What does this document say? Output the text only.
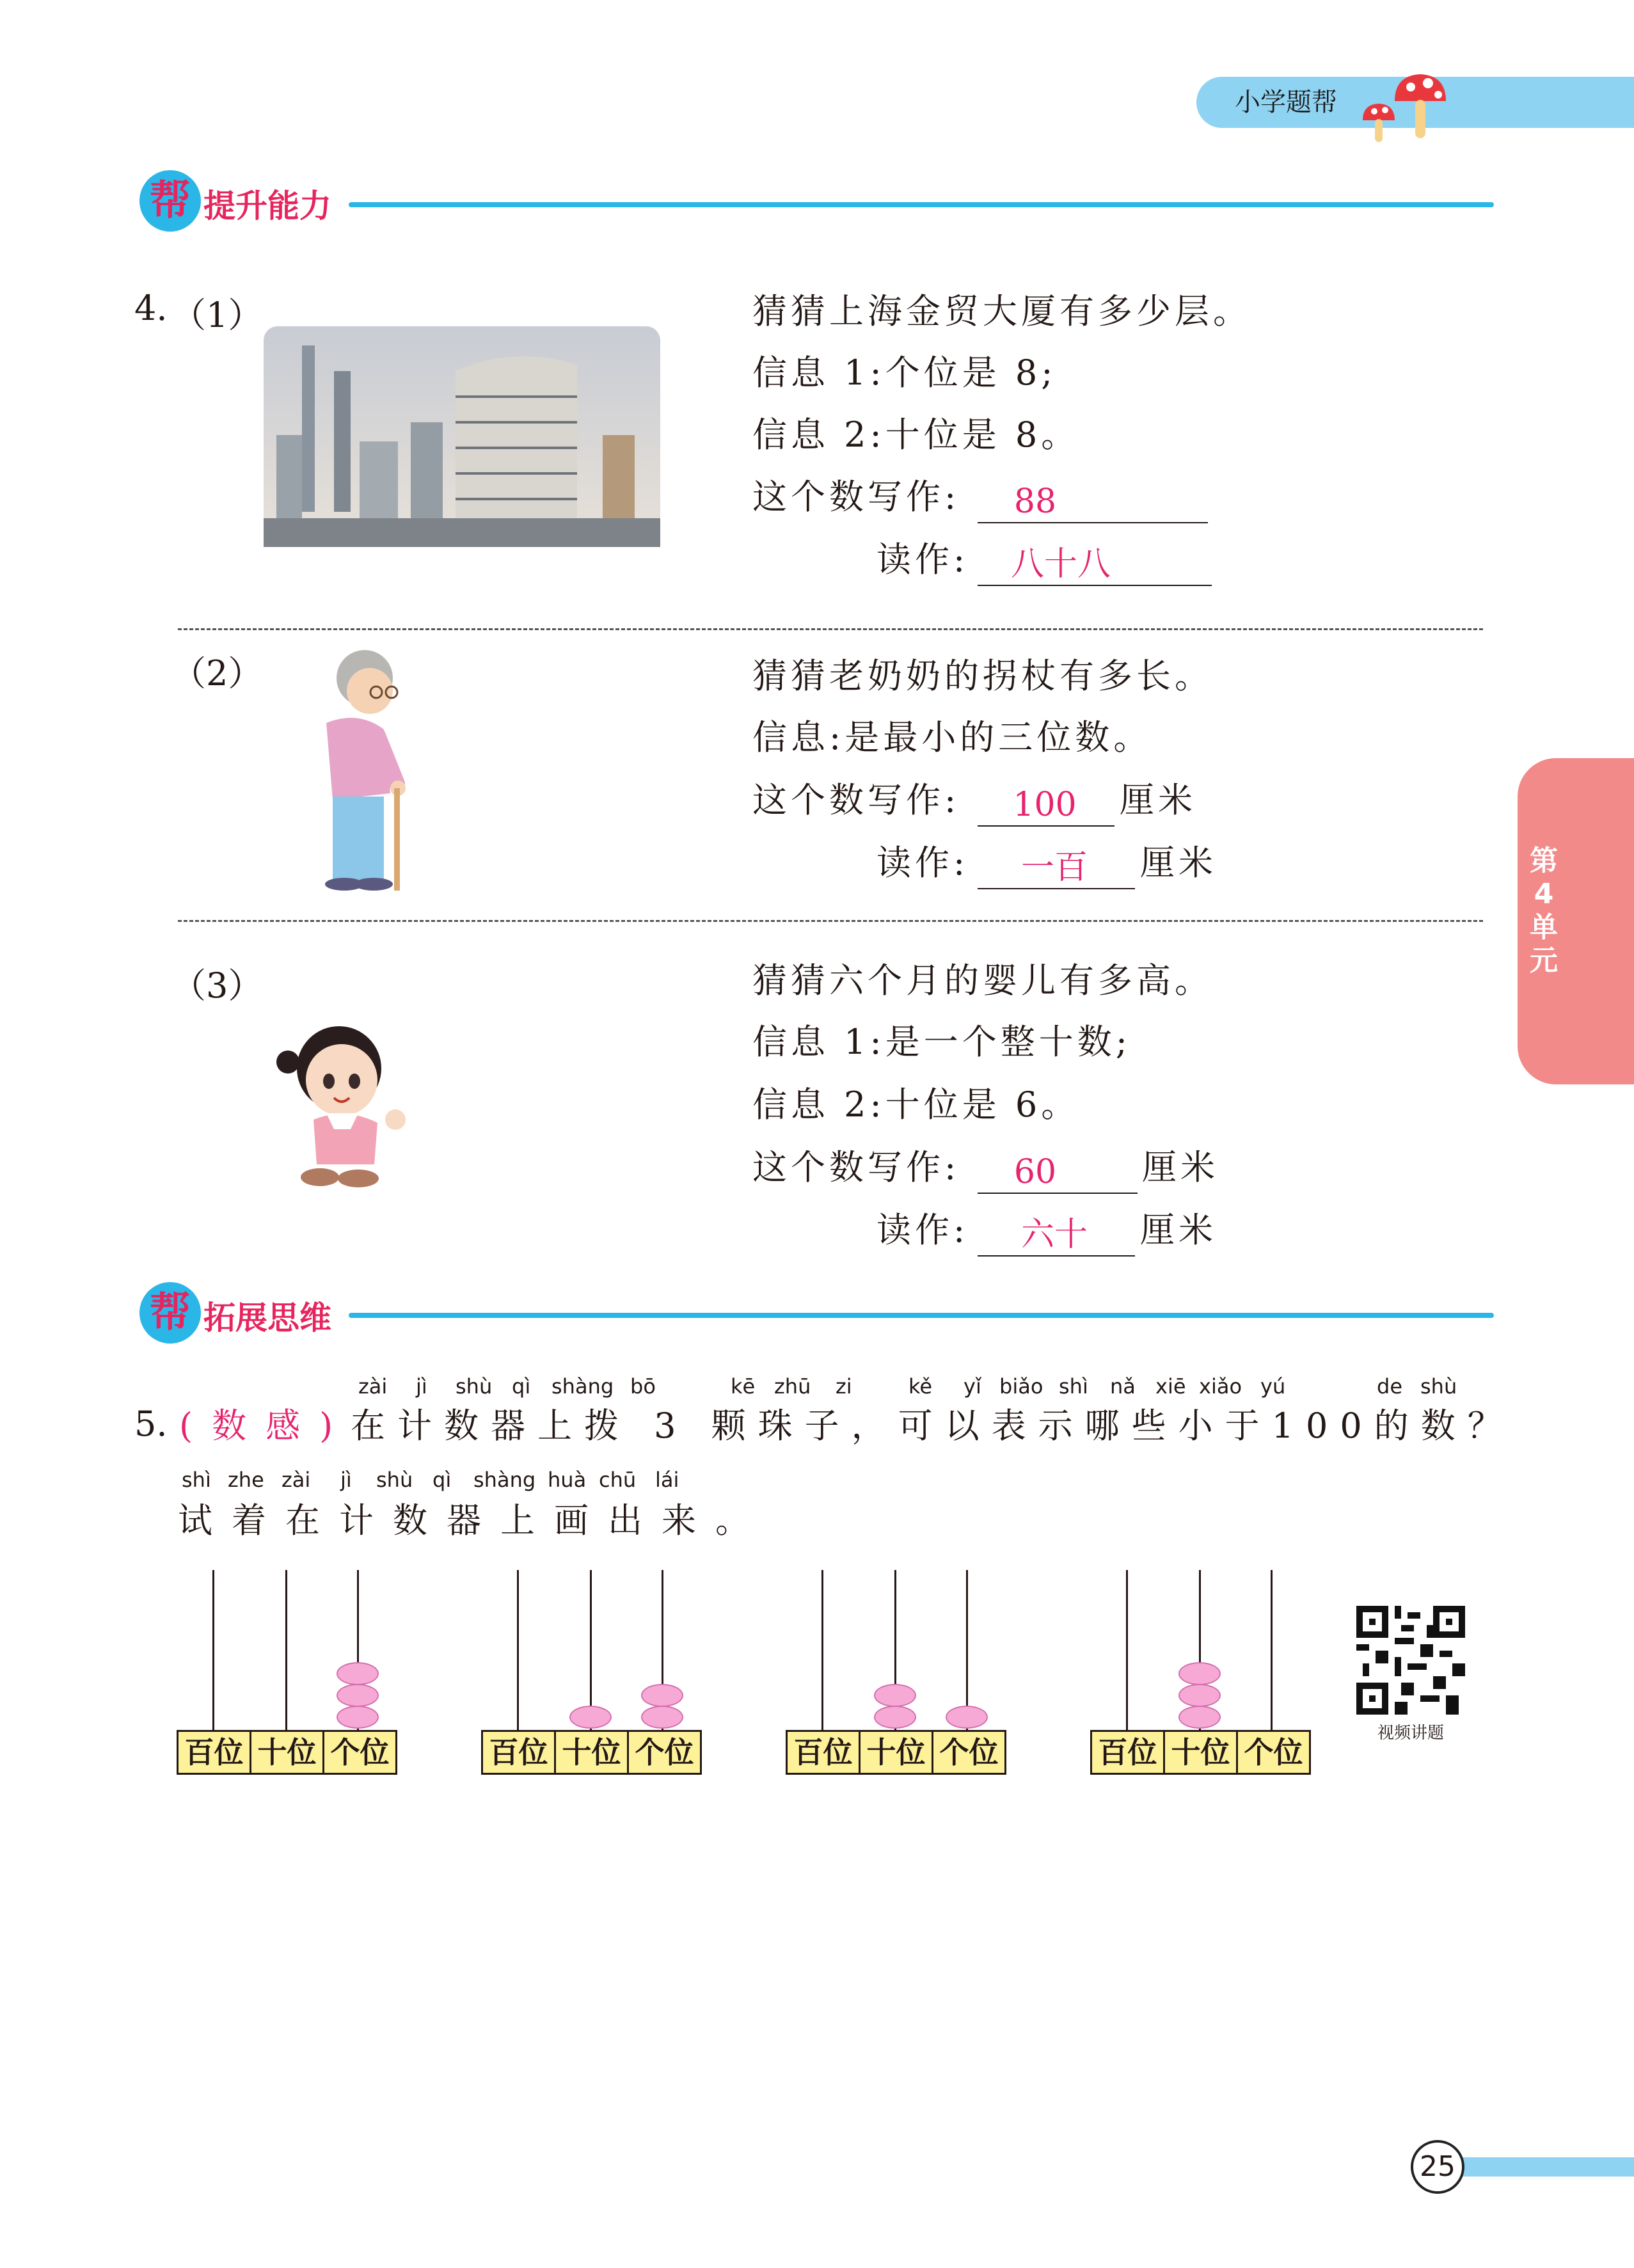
小学题帮
帮 提升能力
4. （1）	猜猜上海金贸大厦有多少层。
信息 1:个位是 8;
信息 2:十位是 8。
这个数写作:	88
读作:	八十八
（2）	猜猜老奶奶的拐杖有多长。
信息:是最小的三位数。
这个数写作:	100	厘米
读作:	一百	厘米
（3）	猜猜六个月的婴儿有多高。
信息 1:是一个整十数;
信息 2:十位是 6。
这个数写作:	60	厘米
读作:	六十	厘米
帮 拓展思维
zài jì shù qì shàng bō	kē zhū zi	kě yǐ biǎo shì nǎ xiē xiǎo yú	de shù
5. (数感)
在计数器上拨 3 颗珠子，可以表示哪些小于100的数？
shì zhe zài jì shù qì shàng huà chū lái
试着在计数器上画出来。
百位 十位 个位	百位 十位 个位	百位 十位 个位	百位 十位 个位
视频讲题
第
4
单
元
25
